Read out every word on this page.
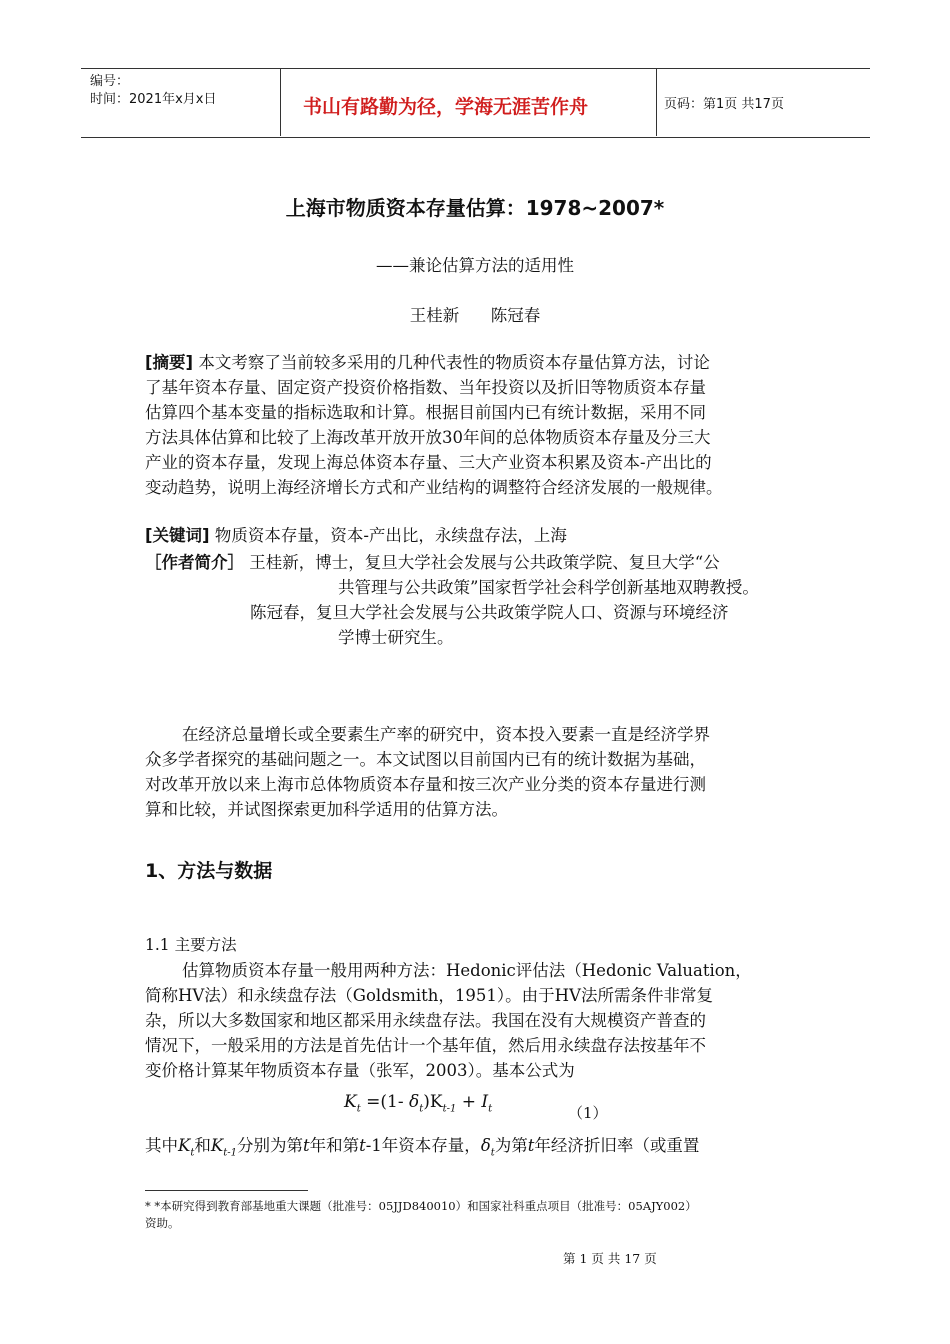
编号：
时间：2021年x月x日	书山有路勤为径，学海无涯苦作舟	页码：第1页 共17页
上海市物质资本存量估算：1978~2007*
——兼论估算方法的适用性
王桂新      陈冠春
[摘要] 本文考察了当前较多采用的几种代表性的物质资本存量估算方法，讨论
了基年资本存量、固定资产投资价格指数、当年投资以及折旧等物质资本存量
估算四个基本变量的指标选取和计算。根据目前国内已有统计数据，采用不同
方法具体估算和比较了上海改革开放开放30年间的总体物质资本存量及分三大
产业的资本存量，发现上海总体资本存量、三大产业资本积累及资本-产出比的
变动趋势，说明上海经济增长方式和产业结构的调整符合经济发展的一般规律。
[关键词] 物质资本存量，资本-产出比，永续盘存法，上海
［作者简介］ 王桂新，博士，复旦大学社会发展与公共政策学院、复旦大学“公
共管理与公共政策”国家哲学社会科学创新基地双聘教授。
陈冠春，复旦大学社会发展与公共政策学院人口、资源与环境经济
学博士研究生。
在经济总量增长或全要素生产率的研究中，资本投入要素一直是经济学界
众多学者探究的基础问题之一。本文试图以目前国内已有的统计数据为基础，
对改革开放以来上海市总体物质资本存量和按三次产业分类的资本存量进行测
算和比较，并试图探索更加科学适用的估算方法。
1、方法与数据
1.1 主要方法
估算物质资本存量一般用两种方法：Hedonic评估法（Hedonic Valuation，
简称HV法）和永续盘存法（Goldsmith，1951）。由于HV法所需条件非常复
杂，所以大多数国家和地区都采用永续盘存法。我国在没有大规模资产普查的
情况下，一般采用的方法是首先估计一个基年值，然后用永续盘存法按基年不
变价格计算某年物质资本存量（张军，2003）。基本公式为
$K_t =(1-$ $\delta_t)K_{t-1} + I_t$	（1）
其中$K_t$和$K_{t-1}$分别为第t年和第t-1年资本存量，$\delta_t$为第t年经济折旧率（或重置
* *本研究得到教育部基地重大课题（批准号：05JJD840010）和国家社科重点项目（批准号：05AJY002）
资助。
第 1 页 共 17 页
